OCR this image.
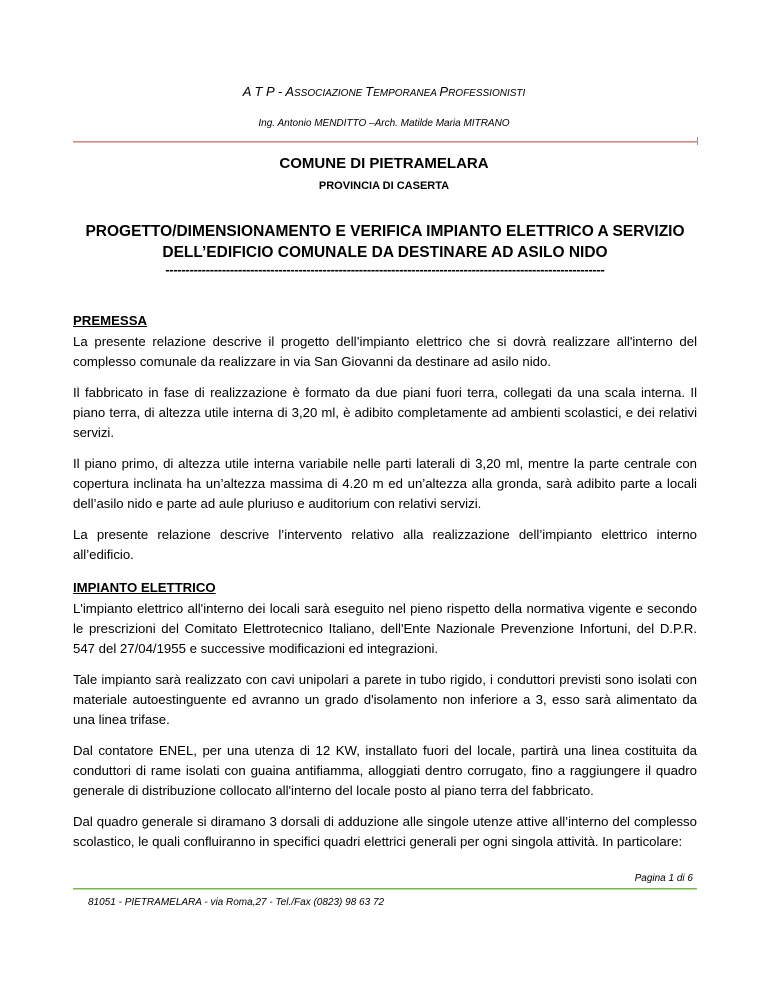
A T P - ASSOCIAZIONE TEMPORANEA PROFESSIONISTI
Ing. Antonio MENDITTO –Arch. Matilde Maria MITRANO
COMUNE DI PIETRAMELARA
PROVINCIA DI CASERTA
PROGETTO/DIMENSIONAMENTO E VERIFICA IMPIANTO ELETTRICO A SERVIZIO
DELL’EDIFICIO COMUNALE DA DESTINARE AD ASILO NIDO
-------------------------------------------------------------------------------------------------------------
PREMESSA

La presente relazione descrive il progetto dell’impianto elettrico che si dovrà realizzare all'interno del complesso comunale da realizzare in via San Giovanni da destinare ad asilo nido.

Il fabbricato in fase di realizzazione è formato da due piani fuori terra, collegati da una scala interna. Il piano terra, di altezza utile interna di 3,20 ml, è adibito completamente ad ambienti scolastici, e dei relativi servizi.

Il piano primo, di altezza utile interna variabile nelle parti laterali di 3,20 ml, mentre la parte centrale con copertura inclinata ha un’altezza massima di 4.20 m ed un’altezza alla gronda, sarà adibito parte a locali dell’asilo nido e parte ad aule pluriuso e auditorium con relativi servizi.

La presente relazione descrive l’intervento relativo alla realizzazione dell’impianto elettrico interno all’edificio.

IMPIANTO ELETTRICO

L'impianto elettrico all'interno dei locali sarà eseguito nel pieno rispetto della normativa vigente e secondo le prescrizioni del Comitato Elettrotecnico Italiano, dell'Ente Nazionale Prevenzione Infortuni, del D.P.R. 547 del 27/04/1955 e successive modificazioni ed integrazioni.

Tale impianto sarà realizzato con cavi unipolari a parete in tubo rigido, i conduttori previsti sono isolati con materiale autoestinguente ed avranno un grado d'isolamento non inferiore a 3, esso sarà alimentato da una linea trifase.

Dal contatore ENEL, per una utenza di 12 KW, installato fuori del locale, partirà una linea costituita da conduttori di rame isolati con guaina antifiamma, alloggiati dentro corrugato, fino a raggiungere il quadro generale di distribuzione collocato all'interno del locale posto al piano terra del fabbricato.

Dal quadro generale si diramano 3 dorsali di adduzione alle singole utenze attive all’interno del complesso scolastico, le quali confluiranno in specifici quadri elettrici generali per ogni singola attività. In particolare:

Pagina 1 di 6
81051 - PIETRAMELARA - via Roma,27 - Tel./Fax (0823) 98 63 72
